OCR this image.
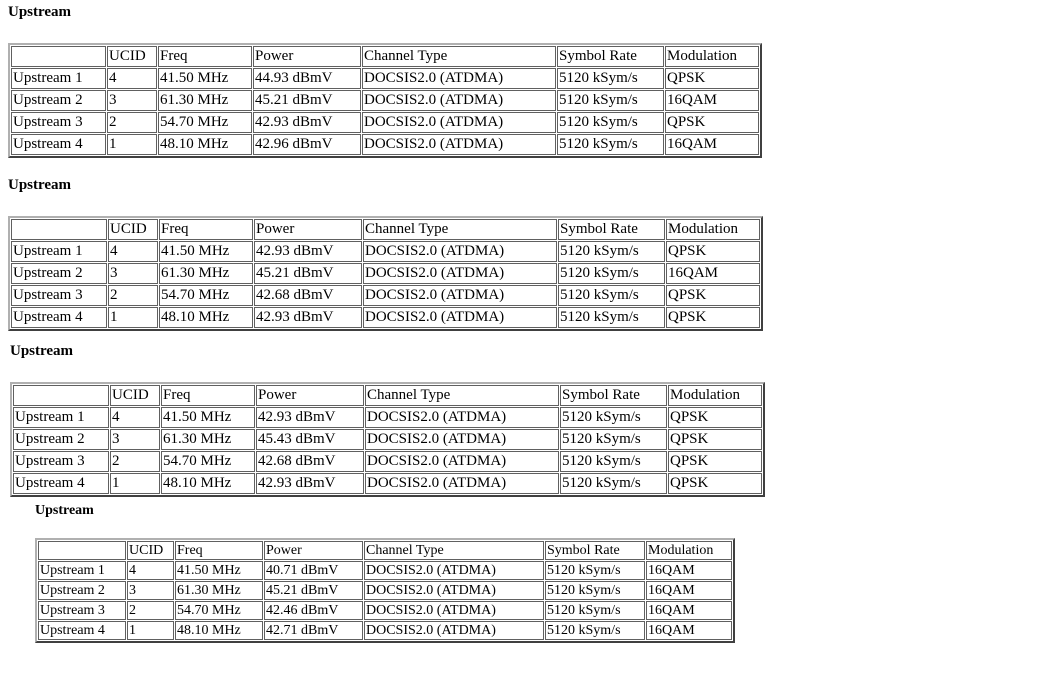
Upstream
	UCID	Freq	Power	Channel Type	Symbol Rate	Modulation
Upstream 1	4	41.50 MHz	44.93 dBmV	DOCSIS2.0 (ATDMA)	5120 kSym/s	QPSK
Upstream 2	3	61.30 MHz	45.21 dBmV	DOCSIS2.0 (ATDMA)	5120 kSym/s	16QAM
Upstream 3	2	54.70 MHz	42.93 dBmV	DOCSIS2.0 (ATDMA)	5120 kSym/s	QPSK
Upstream 4	1	48.10 MHz	42.96 dBmV	DOCSIS2.0 (ATDMA)	5120 kSym/s	16QAM
Upstream
	UCID	Freq	Power	Channel Type	Symbol Rate	Modulation
Upstream 1	4	41.50 MHz	42.93 dBmV	DOCSIS2.0 (ATDMA)	5120 kSym/s	QPSK
Upstream 2	3	61.30 MHz	45.21 dBmV	DOCSIS2.0 (ATDMA)	5120 kSym/s	16QAM
Upstream 3	2	54.70 MHz	42.68 dBmV	DOCSIS2.0 (ATDMA)	5120 kSym/s	QPSK
Upstream 4	1	48.10 MHz	42.93 dBmV	DOCSIS2.0 (ATDMA)	5120 kSym/s	QPSK
Upstream
	UCID	Freq	Power	Channel Type	Symbol Rate	Modulation
Upstream 1	4	41.50 MHz	42.93 dBmV	DOCSIS2.0 (ATDMA)	5120 kSym/s	QPSK
Upstream 2	3	61.30 MHz	45.43 dBmV	DOCSIS2.0 (ATDMA)	5120 kSym/s	QPSK
Upstream 3	2	54.70 MHz	42.68 dBmV	DOCSIS2.0 (ATDMA)	5120 kSym/s	QPSK
Upstream 4	1	48.10 MHz	42.93 dBmV	DOCSIS2.0 (ATDMA)	5120 kSym/s	QPSK
Upstream
	UCID	Freq	Power	Channel Type	Symbol Rate	Modulation
Upstream 1	4	41.50 MHz	40.71 dBmV	DOCSIS2.0 (ATDMA)	5120 kSym/s	16QAM
Upstream 2	3	61.30 MHz	45.21 dBmV	DOCSIS2.0 (ATDMA)	5120 kSym/s	16QAM
Upstream 3	2	54.70 MHz	42.46 dBmV	DOCSIS2.0 (ATDMA)	5120 kSym/s	16QAM
Upstream 4	1	48.10 MHz	42.71 dBmV	DOCSIS2.0 (ATDMA)	5120 kSym/s	16QAM
